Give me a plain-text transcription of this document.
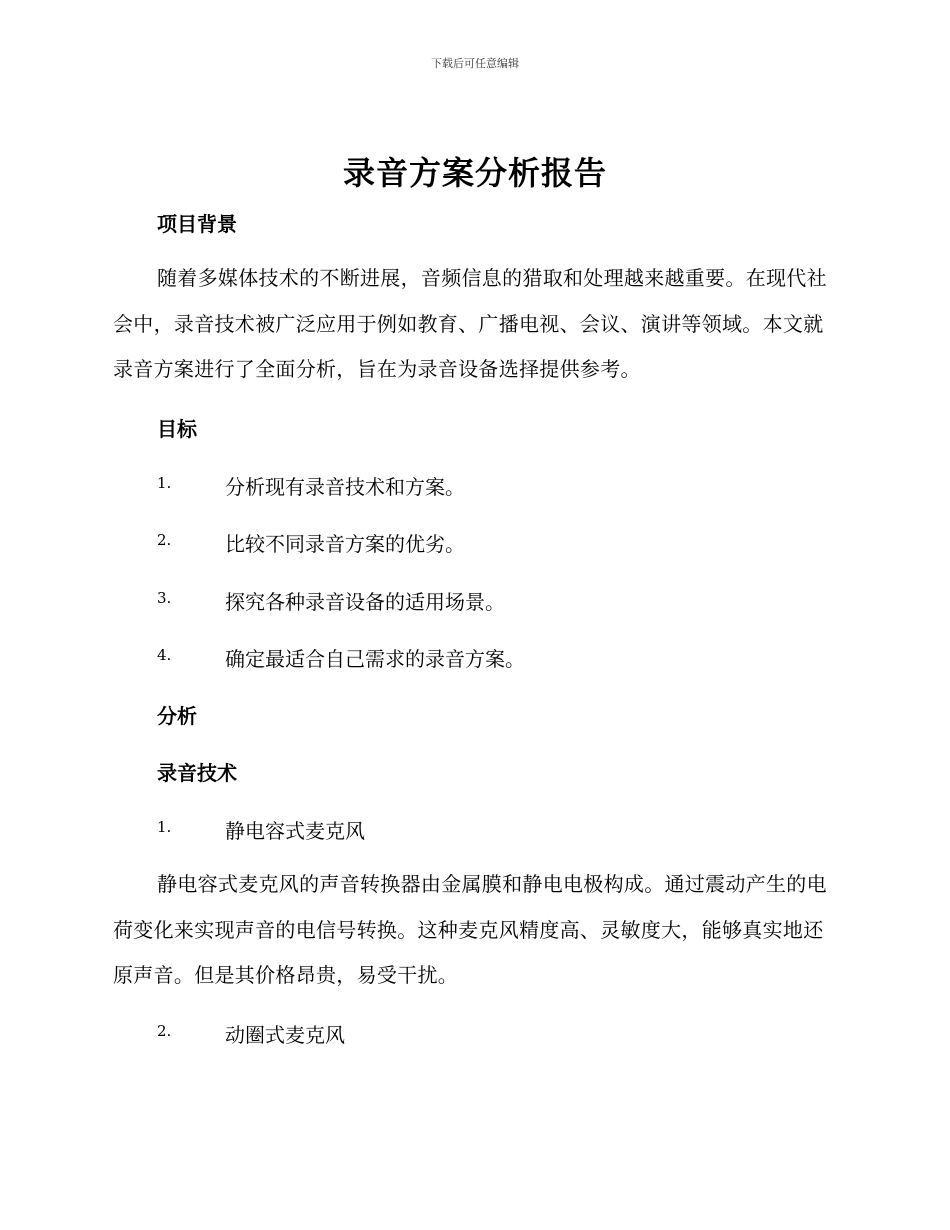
下载后可任意编辑
录音方案分析报告
项目背景
随着多媒体技术的不断进展，音频信息的猎取和处理越来越重要。在现代社会中，录音技术被广泛应用于例如教育、广播电视、会议、演讲等领域。本文就录音方案进行了全面分析，旨在为录音设备选择提供参考。
目标
1.	分析现有录音技术和方案。
2.	比较不同录音方案的优劣。
3.	探究各种录音设备的适用场景。
4.	确定最适合自己需求的录音方案。
分析
录音技术
1.	静电容式麦克风
静电容式麦克风的声音转换器由金属膜和静电电极构成。通过震动产生的电荷变化来实现声音的电信号转换。这种麦克风精度高、灵敏度大，能够真实地还原声音。但是其价格昂贵，易受干扰。
2.	动圈式麦克风
